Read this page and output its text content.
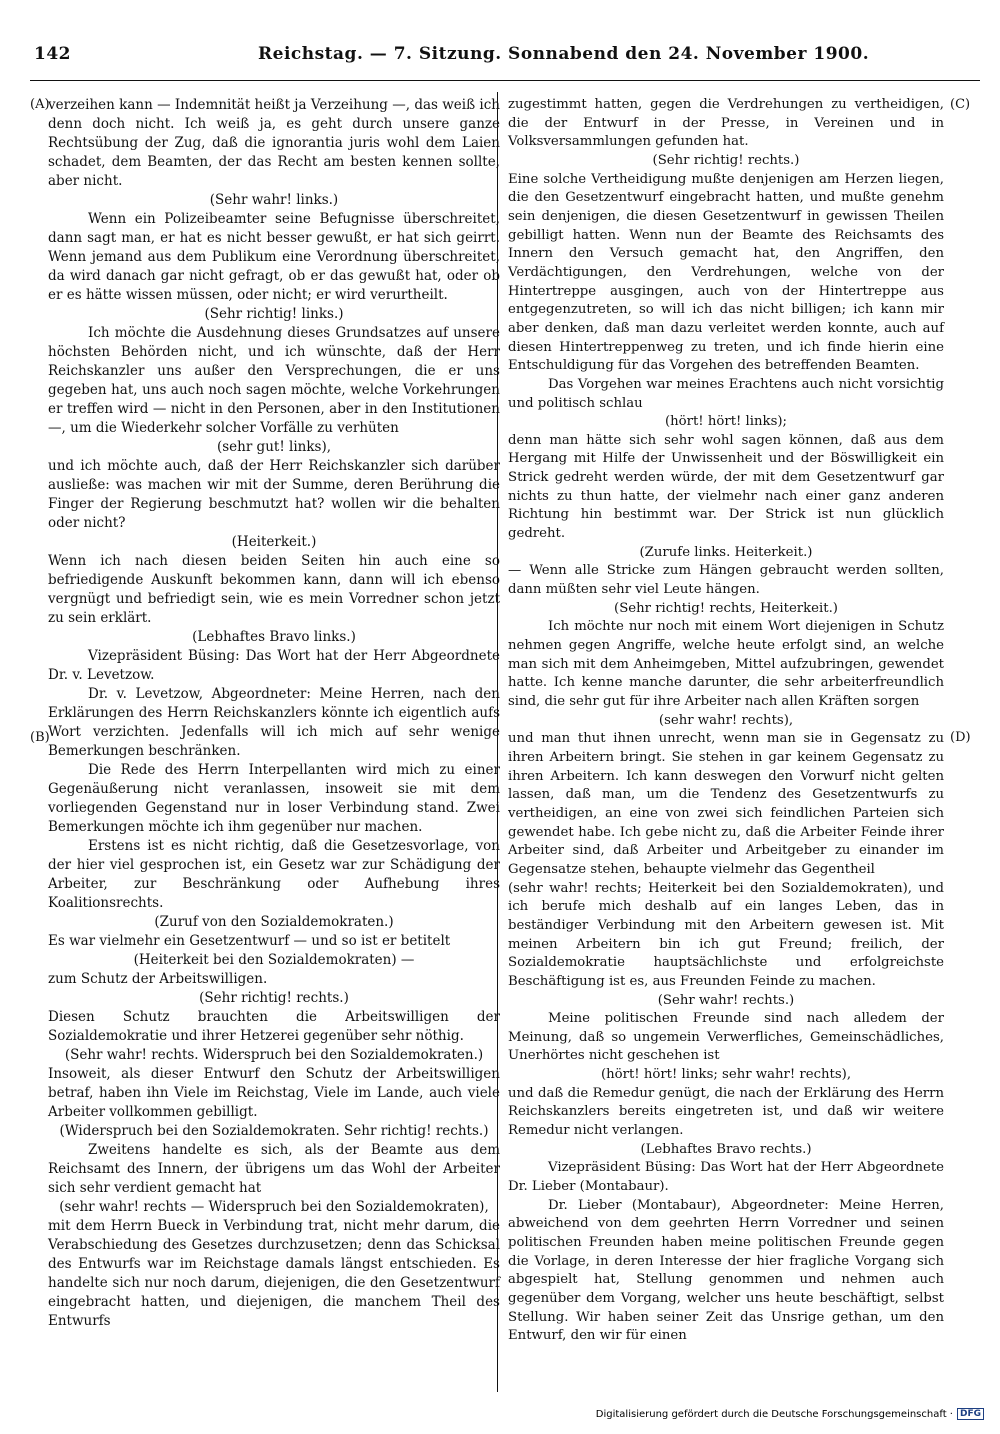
142	Reichstag. — 7. Sitzung. Sonnabend den 24. November 1900.
(A)
(B)
(C)
(D)

verzeihen kann — Indemnität heißt ja Verzeihung —, das weiß ich denn doch nicht. Ich weiß ja, es geht durch unsere ganze Rechtsübung der Zug, daß die ignorantia juris wohl dem Laien schadet, dem Beamten, der das Recht am besten kennen sollte, aber nicht.

(Sehr wahr! links.)

Wenn ein Polizeibeamter seine Befugnisse überschreitet, dann sagt man, er hat es nicht besser gewußt, er hat sich geirrt. Wenn jemand aus dem Publikum eine Verordnung überschreitet, da wird danach gar nicht gefragt, ob er das gewußt hat, oder ob er es hätte wissen müssen, oder nicht; er wird verurtheilt.

(Sehr richtig! links.)

Ich möchte die Ausdehnung dieses Grundsatzes auf unsere höchsten Behörden nicht, und ich wünschte, daß der Herr Reichskanzler uns außer den Versprechungen, die er uns gegeben hat, uns auch noch sagen möchte, welche Vorkehrungen er treffen wird — nicht in den Personen, aber in den Institutionen —, um die Wiederkehr solcher Vorfälle zu verhüten

(sehr gut! links),

und ich möchte auch, daß der Herr Reichskanzler sich darüber ausließe: was machen wir mit der Summe, deren Berührung die Finger der Regierung beschmutzt hat? wollen wir die behalten oder nicht?

(Heiterkeit.)

Wenn ich nach diesen beiden Seiten hin auch eine so befriedigende Auskunft bekommen kann, dann will ich ebenso vergnügt und befriedigt sein, wie es mein Vorredner schon jetzt zu sein erklärt.

(Lebhaftes Bravo links.)

Vizepräsident Büsing: Das Wort hat der Herr Abgeordnete Dr. v. Levetzow.

Dr. v. Levetzow, Abgeordneter: Meine Herren, nach den Erklärungen des Herrn Reichskanzlers könnte ich eigentlich aufs Wort verzichten. Jedenfalls will ich mich auf sehr wenige Bemerkungen beschränken.

Die Rede des Herrn Interpellanten wird mich zu einer Gegenäußerung nicht veranlassen, insoweit sie mit dem vorliegenden Gegenstand nur in loser Verbindung stand. Zwei Bemerkungen möchte ich ihm gegenüber nur machen.

Erstens ist es nicht richtig, daß die Gesetzesvorlage, von der hier viel gesprochen ist, ein Gesetz war zur Schädigung der Arbeiter, zur Beschränkung oder Aufhebung ihres Koalitionsrechts.

(Zuruf von den Sozialdemokraten.)

Es war vielmehr ein Gesetzentwurf — und so ist er betitelt

(Heiterkeit bei den Sozialdemokraten) —

zum Schutz der Arbeitswilligen.

(Sehr richtig! rechts.)

Diesen Schutz brauchten die Arbeitswilligen der Sozialdemokratie und ihrer Hetzerei gegenüber sehr nöthig.

(Sehr wahr! rechts. Widerspruch bei den Sozialdemokraten.)

Insoweit, als dieser Entwurf den Schutz der Arbeitswilligen betraf, haben ihn Viele im Reichstag, Viele im Lande, auch viele Arbeiter vollkommen gebilligt.

(Widerspruch bei den Sozialdemokraten. Sehr richtig! rechts.)

Zweitens handelte es sich, als der Beamte aus dem Reichsamt des Innern, der übrigens um das Wohl der Arbeiter sich sehr verdient gemacht hat

(sehr wahr! rechts — Widerspruch bei den Sozialdemokraten),

mit dem Herrn Bueck in Verbindung trat, nicht mehr darum, die Verabschiedung des Gesetzes durchzusetzen; denn das Schicksal des Entwurfs war im Reichstage damals längst entschieden. Es handelte sich nur noch darum, diejenigen, die den Gesetzentwurf eingebracht hatten, und diejenigen, die manchem Theil des Entwurfs

zugestimmt hatten, gegen die Verdrehungen zu vertheidigen, die der Entwurf in der Presse, in Vereinen und in Volksversammlungen gefunden hat.

(Sehr richtig! rechts.)

Eine solche Vertheidigung mußte denjenigen am Herzen liegen, die den Gesetzentwurf eingebracht hatten, und mußte genehm sein denjenigen, die diesen Gesetzentwurf in gewissen Theilen gebilligt hatten. Wenn nun der Beamte des Reichsamts des Innern den Versuch gemacht hat, den Angriffen, den Verdächtigungen, den Verdrehungen, welche von der Hintertreppe ausgingen, auch von der Hintertreppe aus entgegenzutreten, so will ich das nicht billigen; ich kann mir aber denken, daß man dazu verleitet werden konnte, auch auf diesen Hintertreppenweg zu treten, und ich finde hierin eine Entschuldigung für das Vorgehen des betreffenden Beamten.

Das Vorgehen war meines Erachtens auch nicht vorsichtig und politisch schlau

(hört! hört! links);

denn man hätte sich sehr wohl sagen können, daß aus dem Hergang mit Hilfe der Unwissenheit und der Böswilligkeit ein Strick gedreht werden würde, der mit dem Gesetzentwurf gar nichts zu thun hatte, der vielmehr nach einer ganz anderen Richtung hin bestimmt war. Der Strick ist nun glücklich gedreht.

(Zurufe links. Heiterkeit.)

— Wenn alle Stricke zum Hängen gebraucht werden sollten, dann müßten sehr viel Leute hängen.

(Sehr richtig! rechts, Heiterkeit.)

Ich möchte nur noch mit einem Wort diejenigen in Schutz nehmen gegen Angriffe, welche heute erfolgt sind, an welche man sich mit dem Anheimgeben, Mittel aufzubringen, gewendet hatte. Ich kenne manche darunter, die sehr arbeiterfreundlich sind, die sehr gut für ihre Arbeiter nach allen Kräften sorgen

(sehr wahr! rechts),

und man thut ihnen unrecht, wenn man sie in Gegensatz zu ihren Arbeitern bringt. Sie stehen in gar keinem Gegensatz zu ihren Arbeitern. Ich kann deswegen den Vorwurf nicht gelten lassen, daß man, um die Tendenz des Gesetzentwurfs zu vertheidigen, an eine von zwei sich feindlichen Parteien sich gewendet habe. Ich gebe nicht zu, daß die Arbeiter Feinde ihrer Arbeiter sind, daß Arbeiter und Arbeitgeber zu einander im Gegensatze stehen, behaupte vielmehr das Gegentheil

(sehr wahr! rechts; Heiterkeit bei den Sozialdemokraten), und ich berufe mich deshalb auf ein langes Leben, das in beständiger Verbindung mit den Arbeitern gewesen ist. Mit meinen Arbeitern bin ich gut Freund; freilich, der Sozialdemokratie hauptsächlichste und erfolgreichste Beschäftigung ist es, aus Freunden Feinde zu machen.

(Sehr wahr! rechts.)

Meine politischen Freunde sind nach alledem der Meinung, daß so ungemein Verwerfliches, Gemeinschädliches, Unerhörtes nicht geschehen ist

(hört! hört! links; sehr wahr! rechts),

und daß die Remedur genügt, die nach der Erklärung des Herrn Reichskanzlers bereits eingetreten ist, und daß wir weitere Remedur nicht verlangen.

(Lebhaftes Bravo rechts.)

Vizepräsident Büsing: Das Wort hat der Herr Abgeordnete Dr. Lieber (Montabaur).

Dr. Lieber (Montabaur), Abgeordneter: Meine Herren, abweichend von dem geehrten Herrn Vorredner und seinen politischen Freunden haben meine politischen Freunde gegen die Vorlage, in deren Interesse der hier fragliche Vorgang sich abgespielt hat, Stellung genommen und nehmen auch gegenüber dem Vorgang, welcher uns heute beschäftigt, selbst Stellung. Wir haben seiner Zeit das Unsrige gethan, um den Entwurf, den wir für einen

Digitalisierung gefördert durch die Deutsche Forschungsgemeinschaft · DFG
